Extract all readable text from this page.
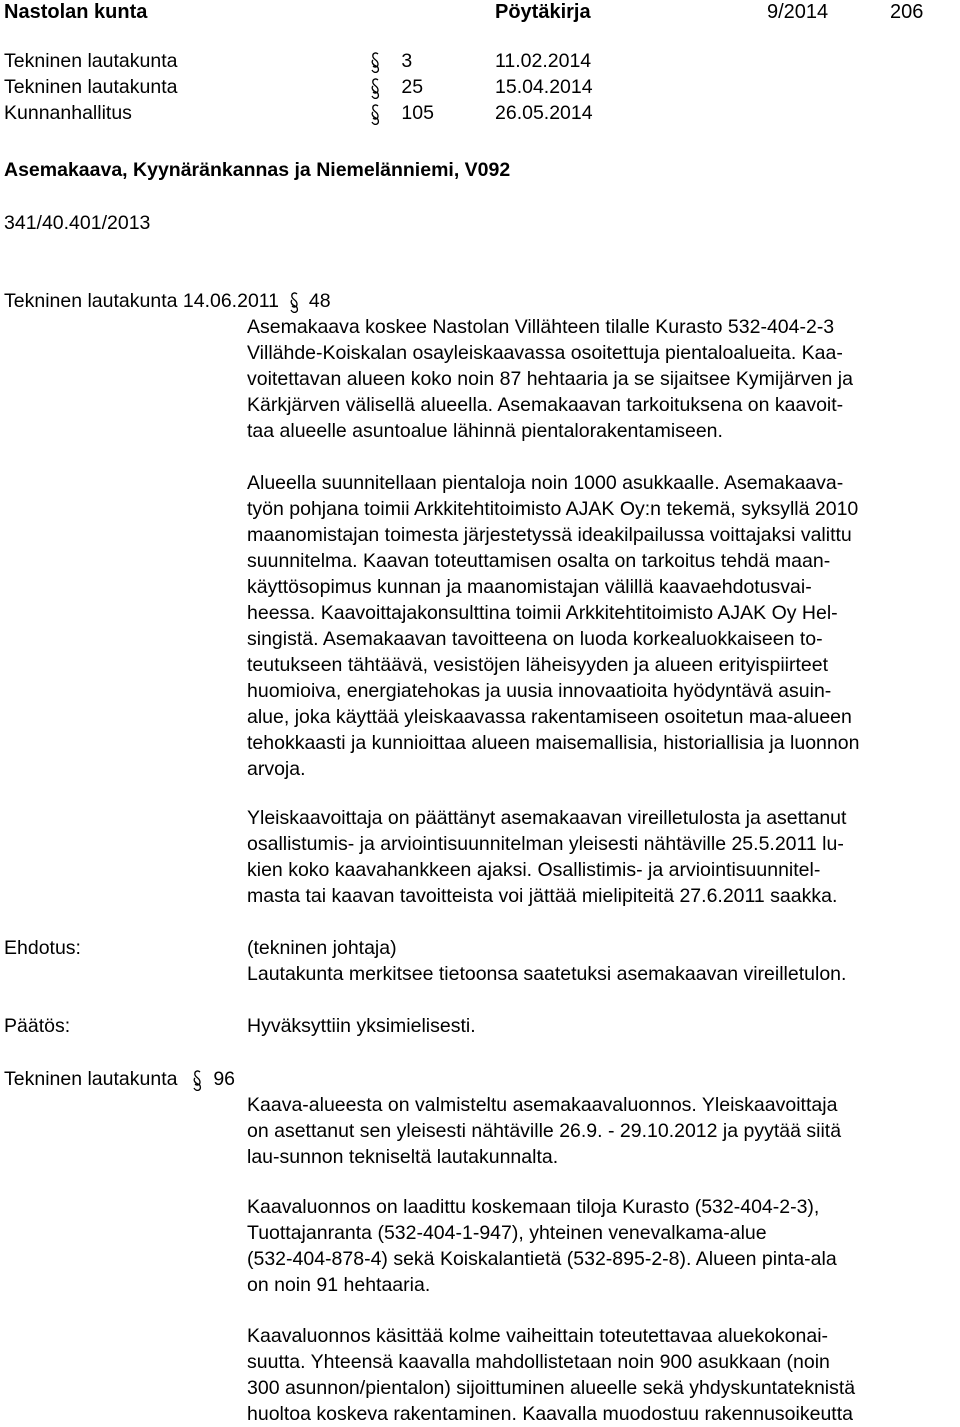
Nastolan kunta	Pöytäkirja	9/2014	206
Tekninen lautakunta	3	11.02.2014
Tekninen lautakunta	25	15.04.2014
Kunnanhallitus	105	26.05.2014
Asemakaava, Kyynäränkannas ja Niemelänniemi, V092
341/40.401/2013
Tekninen lautakunta 14.06.2011 48
Asemakaava koskee Nastolan Villähteen tilalle Kurasto 532-404-2-3
Villähde-Koiskalan osayleiskaavassa osoitettuja pientaloalueita. Kaa-
voitettavan alueen koko noin 87 hehtaaria ja se sijaitsee Kymijärven ja
Kärkjärven välisellä alueella. Asemakaavan tarkoituksena on kaavoit-
taa alueelle asuntoalue lähinnä pientalorakentamiseen.
Alueella suunnitellaan pientaloja noin 1000 asukkaalle. Asemakaava-
työn pohjana toimii Arkkitehtitoimisto AJAK Oy:n tekemä, syksyllä 2010
maanomistajan toimesta järjestetyssä ideakilpailussa voittajaksi valittu
suunnitelma. Kaavan toteuttamisen osalta on tarkoitus tehdä maan-
käyttösopimus kunnan ja maanomistajan välillä kaavaehdotusvai-
heessa. Kaavoittajakonsulttina toimii Arkkitehtitoimisto AJAK Oy Hel-
singistä. Asemakaavan tavoitteena on luoda korkealuokkaiseen to-
teutukseen tähtäävä, vesistöjen läheisyyden ja alueen erityispiirteet
huomioiva, energiatehokas ja uusia innovaatioita hyödyntävä asuin-
alue, joka käyttää yleiskaavassa rakentamiseen osoitetun maa-alueen
tehokkaasti ja kunnioittaa alueen maisemallisia, historiallisia ja luonnon
arvoja.
Yleiskaavoittaja on päättänyt asemakaavan vireilletulosta ja asettanut
osallistumis- ja arviointisuunnitelman yleisesti nähtäville 25.5.2011 lu-
kien koko kaavahankkeen ajaksi. Osallistimis- ja arviointisuunnitel-
masta tai kaavan tavoitteista voi jättää mielipiteitä 27.6.2011 saakka.
Ehdotus:	(tekninen johtaja)
Lautakunta merkitsee tietoonsa saatetuksi asemakaavan vireilletulon.
Päätös:	Hyväksyttiin yksimielisesti.
Tekninen lautakunta 96
Kaava-alueesta on valmisteltu asemakaavaluonnos. Yleiskaavoittaja
on asettanut sen yleisesti nähtäville 26.9. - 29.10.2012 ja pyytää siitä
lau-sunnon tekniseltä lautakunnalta.
Kaavaluonnos on laadittu koskemaan tiloja Kurasto (532-404-2-3),
Tuottajanranta (532-404-1-947), yhteinen venevalkama-alue
(532-404-878-4) sekä Koiskalantietä (532-895-2-8). Alueen pinta-ala
on noin 91 hehtaaria.
Kaavaluonnos käsittää kolme vaiheittain toteutettavaa aluekokonai-
suutta. Yhteensä kaavalla mahdollistetaan noin 900 asukkaan (noin
300 asunnon/pientalon) sijoittuminen alueelle sekä yhdyskuntateknistä
huoltoa koskeva rakentaminen. Kaavalla muodostuu rakennusoikeutta
